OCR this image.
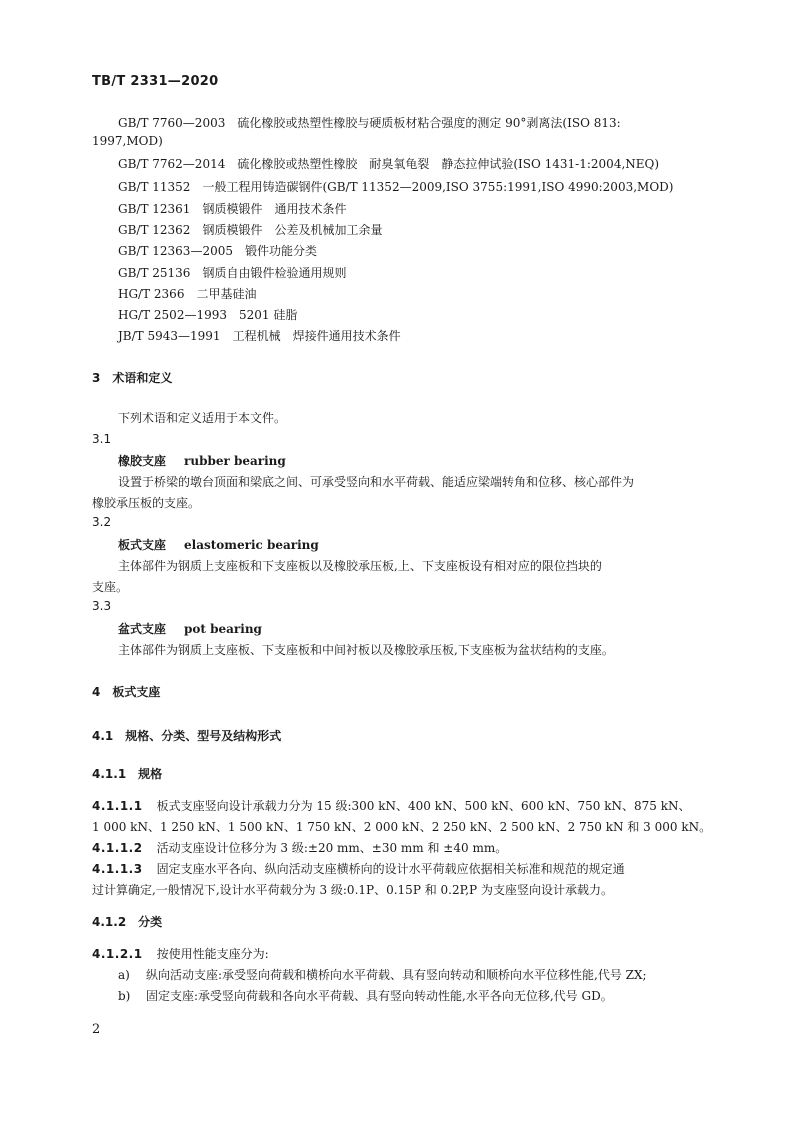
TB/T 2331—2020
GB/T 7760—2003 硫化橡胶或热塑性橡胶与硬质板材粘合强度的测定 90°剥离法(ISO 813:
1997,MOD)
GB/T 7762—2014 硫化橡胶或热塑性橡胶　耐臭氧龟裂　静态拉伸试验(ISO 1431-1:2004,NEQ)
GB/T 11352 一般工程用铸造碳钢件(GB/T 11352—2009,ISO 3755:1991,ISO 4990:2003,MOD)
GB/T 12361 钢质模锻件　通用技术条件
GB/T 12362 钢质模锻件　公差及机械加工余量
GB/T 12363—2005 锻件功能分类
GB/T 25136 钢质自由锻件检验通用规则
HG/T 2366 二甲基硅油
HG/T 2502—1993 5201 硅脂
JB/T 5943—1991 工程机械　焊接件通用技术条件
3　术语和定义
下列术语和定义适用于本文件。
3.1
橡胶支座 rubber bearing
设置于桥梁的墩台顶面和梁底之间、可承受竖向和水平荷载、能适应梁端转角和位移、核心部件为
橡胶承压板的支座。
3.2
板式支座 elastomeric bearing
主体部件为钢质上支座板和下支座板以及橡胶承压板,上、下支座板设有相对应的限位挡块的
支座。
3.3
盆式支座 pot bearing
主体部件为钢质上支座板、下支座板和中间衬板以及橡胶承压板,下支座板为盆状结构的支座。
4　板式支座
4.1　规格、分类、型号及结构形式
4.1.1　规格
4.1.1.1 板式支座竖向设计承载力分为 15 级:300 kN、400 kN、500 kN、600 kN、750 kN、875 kN、
1 000 kN、1 250 kN、1 500 kN、1 750 kN、2 000 kN、2 250 kN、2 500 kN、2 750 kN 和 3 000 kN。
4.1.1.2 活动支座设计位移分为 3 级:±20 mm、±30 mm 和 ±40 mm。
4.1.1.3 固定支座水平各向、纵向活动支座横桥向的设计水平荷载应依据相关标准和规范的规定通
过计算确定,一般情况下,设计水平荷载分为 3 级:0.1P、0.15P 和 0.2P,P 为支座竖向设计承载力。
4.1.2　分类
4.1.2.1 按使用性能支座分为:
a) 纵向活动支座:承受竖向荷载和横桥向水平荷载、具有竖向转动和顺桥向水平位移性能,代号 ZX;
b) 固定支座:承受竖向荷载和各向水平荷载、具有竖向转动性能,水平各向无位移,代号 GD。
2
